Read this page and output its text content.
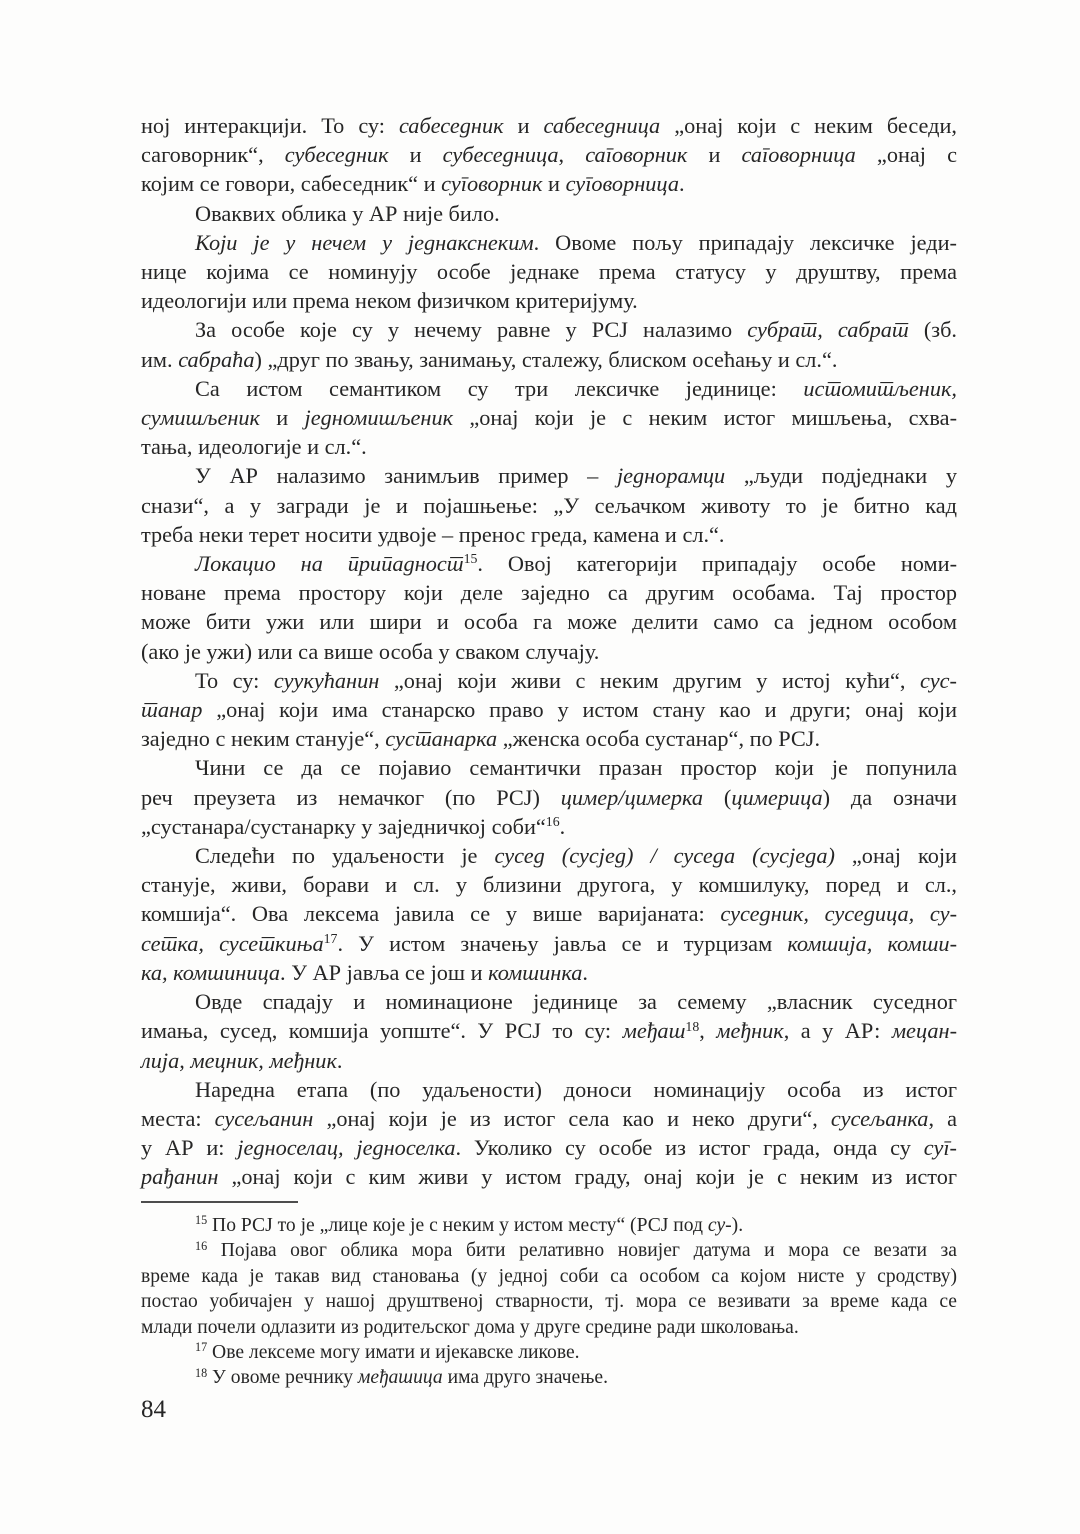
ној интеракцији. То су: сабеседник и сабеседница „онај који с неким беседи,
саговорник“, субеседник и субеседница, саговорник и саговорница „онај с
којим се говори, сабеседник“ и суговорник и суговорница.
Оваквих облика у АР није било.
Који је у нечем у једнакснеким. Овоме пољу припадају лексичке једи-
нице којима се номинују особе једнаке према статусу у друштву, према
идеологији или према неком физичком критеријуму.
За особе које су у нечему равне у РСЈ налазимо субрат, сабрат (зб.
им. сабраћа) „друг по звању, занимању, сталежу, блиском осећању и сл.“.
Са истом семантиком су три лексичке јединице: истомитљеник,
сумишљеник и једномишљеник „онај који је с неким истог мишљења, схва-
тања, идеологије и сл.“.
У АР налазимо занимљив пример – једнорамци „људи подједнаки у
снази“, а у загради је и појашњење: „У сељачком животу то је битно кад
треба неки терет носити удвоје – пренос греда, камена и сл.“.
Локацио на припадност$^{15}$. Овој категорији припадају особе номи-
новане према простору који деле заједно са другим особама. Тај простор
може бити ужи или шири и особа га може делити само са једном особом
(ако је ужи) или са више особа у сваком случају.
То су: суукућанин „онај који живи с неким другим у истој кући“, сус-
танар „онај који има станарско право у истом стану као и други; онај који
заједно с неким станује“, сустанарка „женска особа сустанар“, по РСЈ.
Чини се да се појавио семантички празан простор који је попунила
реч преузета из немачког (по РСЈ) цимер/цимерка (цимерица) да означи
„сустанара/сустанарку у заједничкој соби“$^{16}$.
Следећи по удаљености је сусед (сусјед) / суседа (сусједа) „онај који
станује, живи, борави и сл. у близини другога, у комшилуку, поред и сл.,
комшија“. Ова лексема јавила се у више варијаната: суседник, суседица, су-
сетка, сусеткиња$^{17}$. У истом значењу јавља се и турцизам комшија, комши-
ка, комшиница. У АР јавља се још и комшинка.
Овде спадају и номинационе јединице за семему „власник суседног
имања, сусед, комшија уопште“. У РСЈ то су: међаш$^{18}$, међник, а у АР: мецан-
лија, мецник, међник.
Наредна етапа (по удаљености) доноси номинацију особа из истог
места: сусељанин „онај који је из истог села као и неко други“, сусељанка, а
у АР и: једноселац, једноселка. Уколико су особе из истог града, онда су суг-
рађанин „онај који с ким живи у истом граду, онај који је с неким из истог
$^{15}$ По РСЈ то је „лице које је с неким у истом месту“ (РСЈ под су-).
$^{16}$ Појава овог облика мора бити релативно новијег датума и мора се везати за
време када је такав вид становања (у једној соби са особом са којом нисте у сродству)
постао уобичајен у нашој друштвеној стварности, тј. мора се везивати за време када се
млади почели одлазити из родитељског дома у друге средине ради школовања.
$^{17}$ Ове лексеме могу имати и ијекавске ликове.
$^{18}$ У овоме речнику међашица има друго значење.
84
